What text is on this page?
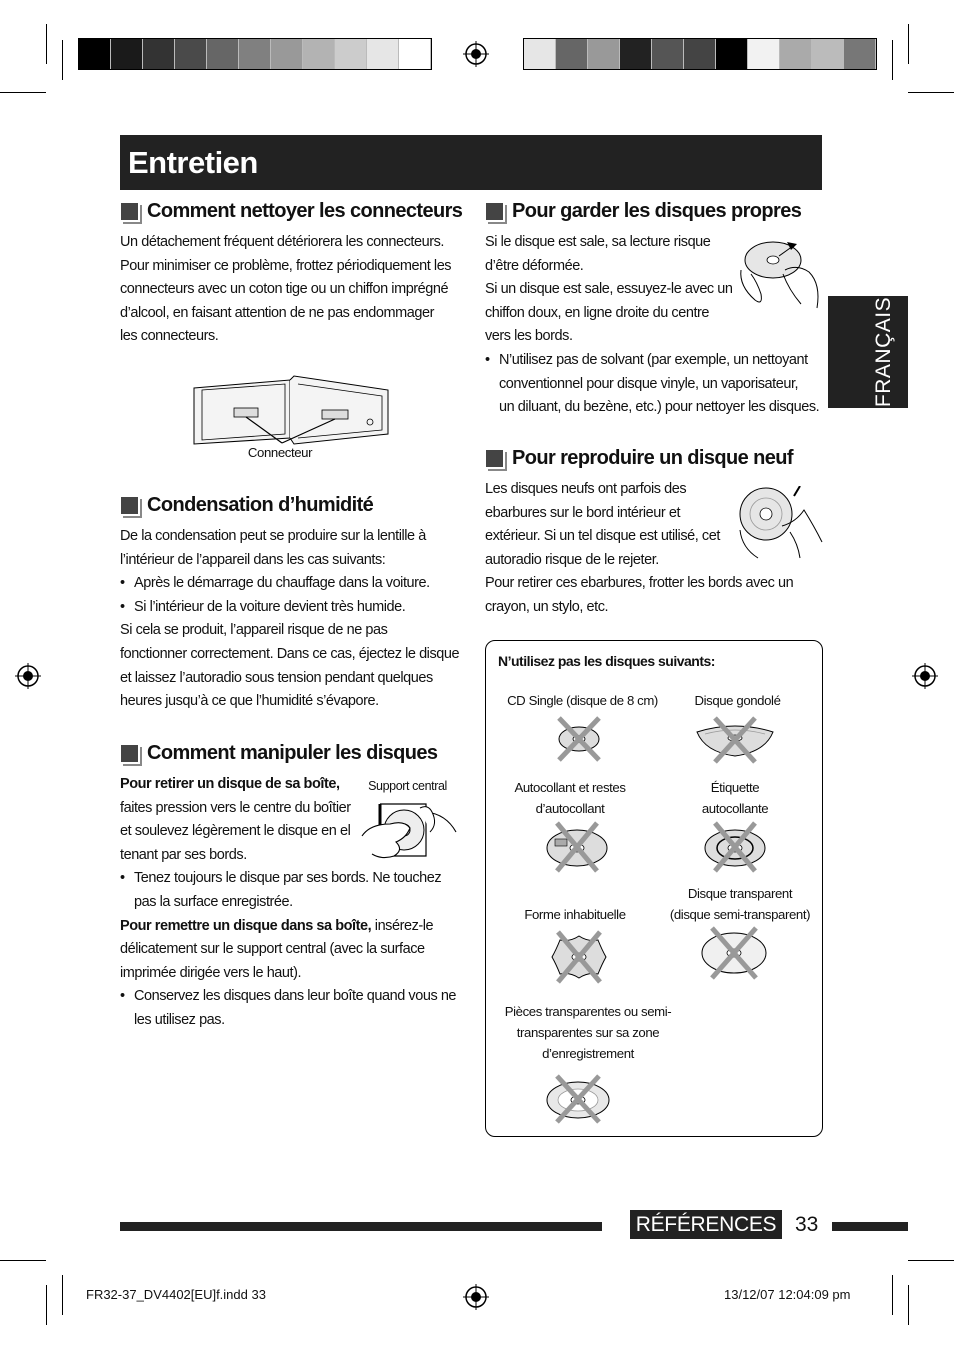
Entretien
FRANÇAIS
Comment nettoyer les connecteurs

Un détachement fréquent détériorera les connecteurs.

Pour minimiser ce problème, frottez périodiquement les

connecteurs avec un coton tige ou un chiffon imprégné

d’alcool, en faisant attention de ne pas endommager

les connecteurs.

Connecteur
Condensation d’humidité

De la condensation peut se produire sur la lentille à

l’intérieur de l’appareil dans les cas suivants:

• Après le démarrage du chauffage dans la voiture.

• Si l’intérieur de la voiture devient très humide.

Si cela se produit, l’appareil risque de ne pas

fonctionner correctement. Dans ce cas, éjectez le disque

et laissez l’autoradio sous tension pendant quelques

heures jusqu’à ce que l’humidité s’évapore.

Comment manipuler les disques

Pour retirer un disque de sa boîte,

faites pression vers le centre du boîtier

et soulevez légèrement le disque en el

tenant par ses bords.

• Tenez toujours le disque par ses bords. Ne touchez

pas la surface enregistrée.

Pour remettre un disque dans sa boîte, insérez-le

délicatement sur le support central (avec la surface

imprimée dirigée vers le haut).

• Conservez les disques dans leur boîte quand vous ne

les utilisez pas.

Support central
Pour garder les disques propres

Si le disque est sale, sa lecture risque

d’être déformée.

Si un disque est sale, essuyez-le avec un

chiffon doux, en ligne droite du centre

vers les bords.

• N’utilisez pas de solvant (par exemple, un nettoyant

conventionnel pour disque vinyle, un vaporisateur,

un diluant, du bezène, etc.) pour nettoyer les disques.

Pour reproduire un disque neuf

Les disques neufs ont parfois des

ebarbures sur le bord intérieur et

extérieur. Si un tel disque est utilisé, cet

autoradio risque de le rejeter.

Pour retirer ces ebarbures, frotter les bords avec un

crayon, un stylo, etc.

N’utilisez pas les disques suivants:
CD Single (disque de 8 cm)	Disque gondolé
Autocollant et restes
d’autocollant
Étiquette
autocollante
Forme inhabituelle
Disque transparent
(disque semi-transparent)
Pièces transparentes ou semi-
transparentes sur sa zone
d’enregistrement
RÉFÉRENCES 33
FR32-37_DV4402[EU]f.indd 33	13/12/07 12:04:09 pm
